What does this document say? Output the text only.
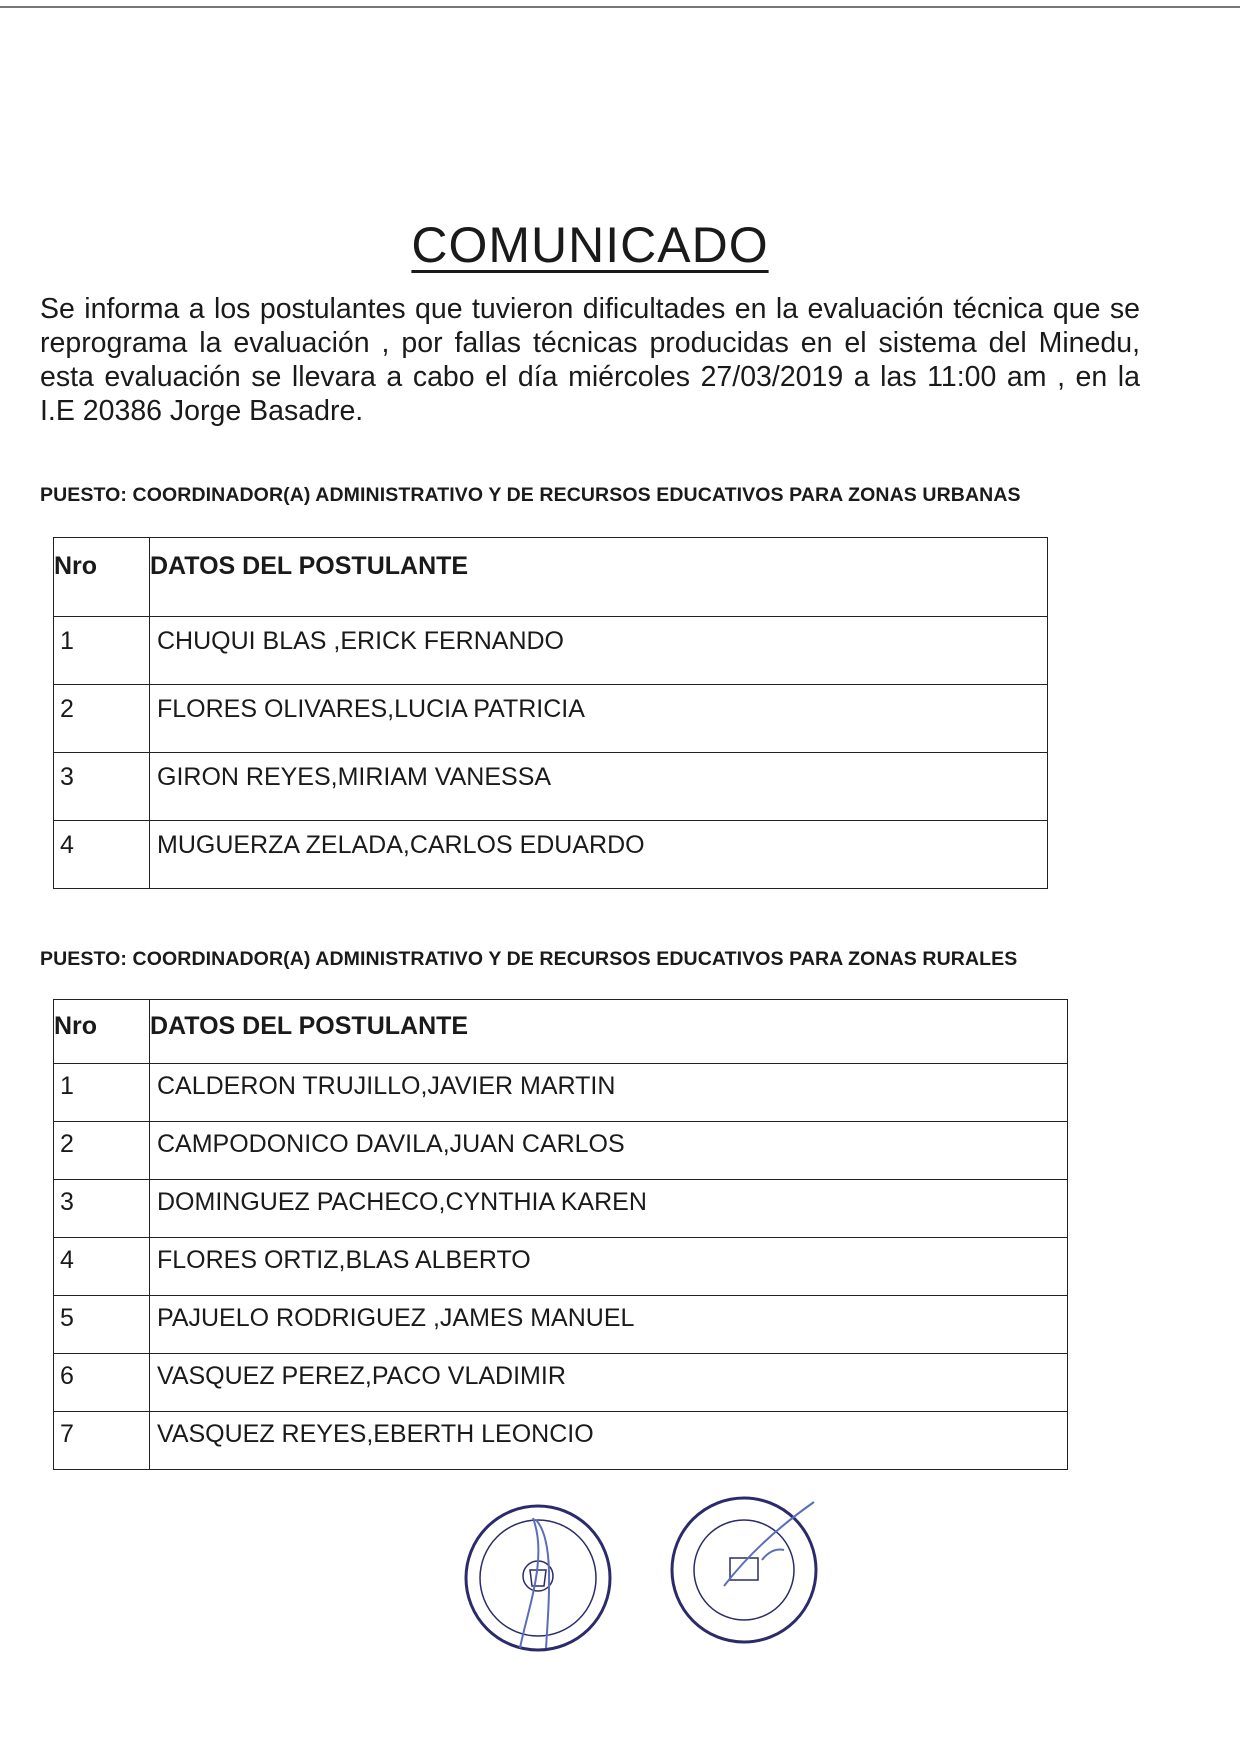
COMUNICADO

Se informa a los postulantes que tuvieron dificultades en la evaluación técnica que se reprograma la evaluación , por fallas técnicas producidas en el sistema del Minedu, esta evaluación se llevara a cabo el día miércoles 27/03/2019 a las 11:00 am , en la I.E 20386 Jorge Basadre.

PUESTO: COORDINADOR(A) ADMINISTRATIVO Y DE RECURSOS EDUCATIVOS PARA ZONAS URBANAS
Nro	DATOS DEL POSTULANTE
1	CHUQUI BLAS ,ERICK FERNANDO
2	FLORES OLIVARES,LUCIA PATRICIA
3	GIRON REYES,MIRIAM VANESSA
4	MUGUERZA ZELADA,CARLOS EDUARDO
PUESTO: COORDINADOR(A) ADMINISTRATIVO Y DE RECURSOS EDUCATIVOS PARA ZONAS RURALES
Nro	DATOS DEL POSTULANTE
1	CALDERON TRUJILLO,JAVIER MARTIN
2	CAMPODONICO DAVILA,JUAN CARLOS
3	DOMINGUEZ PACHECO,CYNTHIA KAREN
4	FLORES ORTIZ,BLAS ALBERTO
5	PAJUELO RODRIGUEZ ,JAMES MANUEL
6	VASQUEZ PEREZ,PACO VLADIMIR
7	VASQUEZ REYES,EBERTH LEONCIO
